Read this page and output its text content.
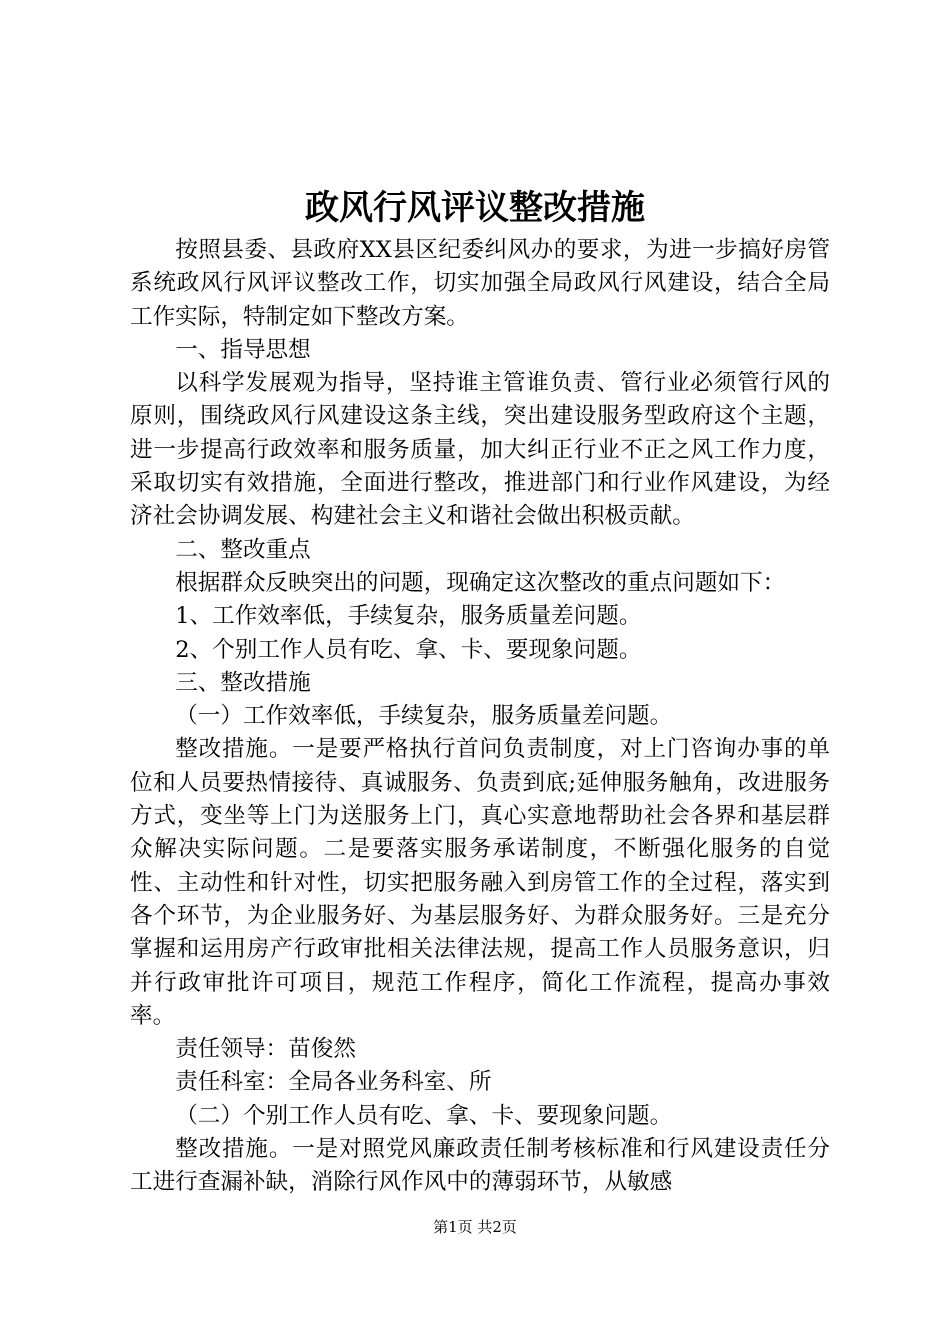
政风行风评议整改措施

按照县委、县政府XX县区纪委纠风办的要求，为进一步搞好房管系统政风行风评议整改工作，切实加强全局政风行风建设，结合全局工作实际，特制定如下整改方案。

一、指导思想

以科学发展观为指导，坚持谁主管谁负责、管行业必须管行风的原则，围绕政风行风建设这条主线，突出建设服务型政府这个主题，进一步提高行政效率和服务质量，加大纠正行业不正之风工作力度，采取切实有效措施，全面进行整改，推进部门和行业作风建设，为经济社会协调发展、构建社会主义和谐社会做出积极贡献。

二、整改重点

根据群众反映突出的问题，现确定这次整改的重点问题如下：

1、工作效率低，手续复杂，服务质量差问题。

2、个别工作人员有吃、拿、卡、要现象问题。

三、整改措施

（一）工作效率低，手续复杂，服务质量差问题。

整改措施。一是要严格执行首问负责制度，对上门咨询办事的单位和人员要热情接待、真诚服务、负责到底;延伸服务触角，改进服务方式，变坐等上门为送服务上门，真心实意地帮助社会各界和基层群众解决实际问题。二是要落实服务承诺制度，不断强化服务的自觉性、主动性和针对性，切实把服务融入到房管工作的全过程，落实到各个环节，为企业服务好、为基层服务好、为群众服务好。三是充分掌握和运用房产行政审批相关法律法规，提高工作人员服务意识，归并行政审批许可项目，规范工作程序，简化工作流程，提高办事效率。

责任领导：苗俊然

责任科室：全局各业务科室、所

（二）个别工作人员有吃、拿、卡、要现象问题。

整改措施。一是对照党风廉政责任制考核标准和行风建设责任分工进行查漏补缺，消除行风作风中的薄弱环节，从敏感

第1页 共2页
